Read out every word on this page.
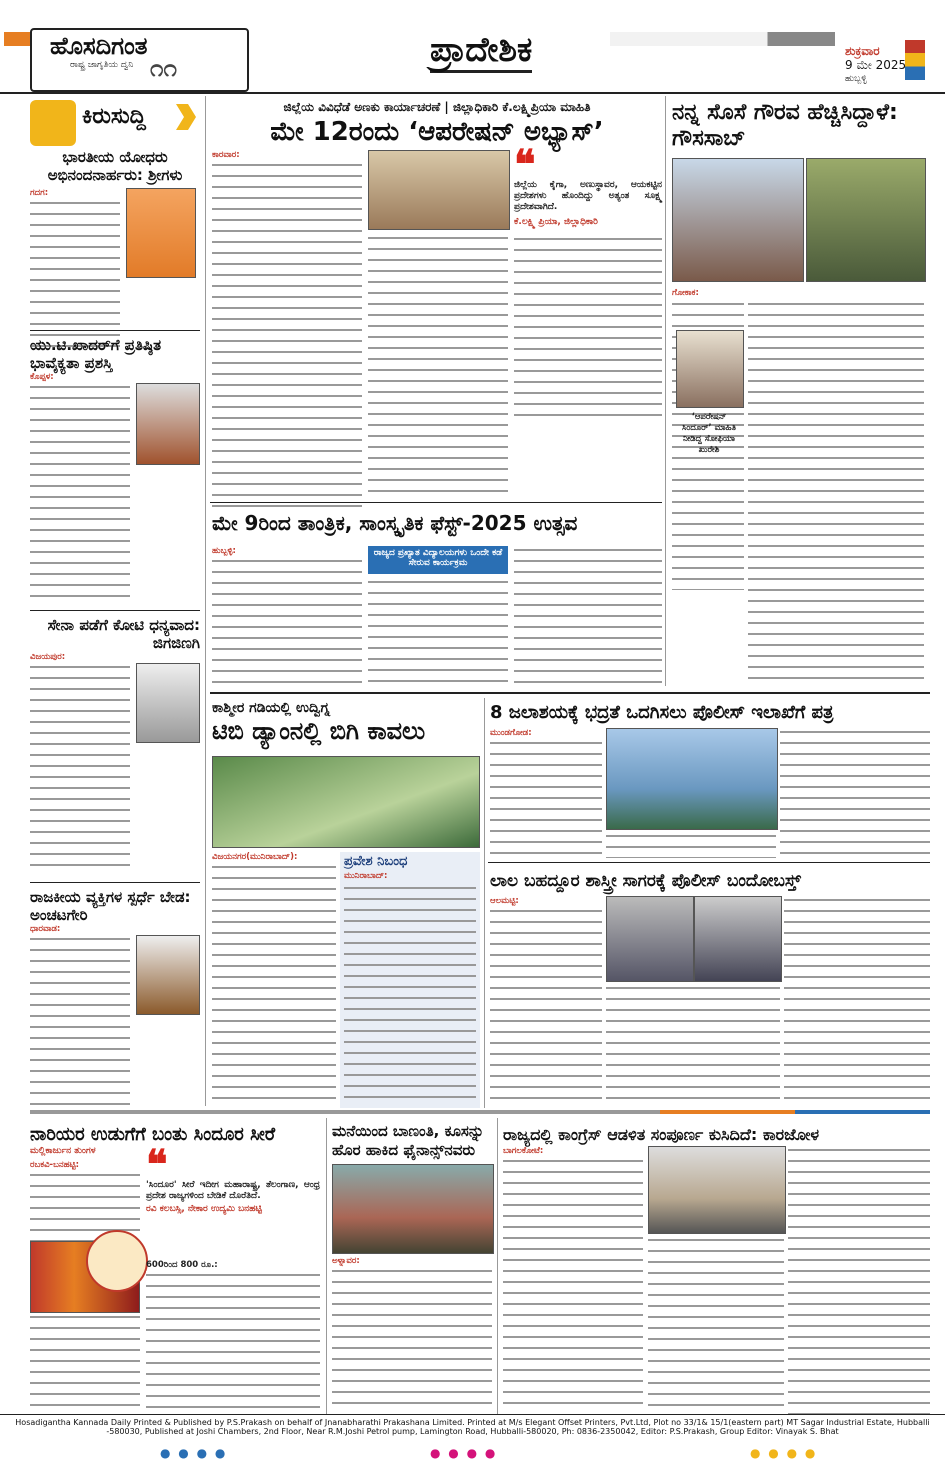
ಹೊಸದಿಗಂತ
ರಾಷ್ಟ್ರ ಜಾಗೃತಿಯ ದ್ವನಿ ೧೧	ಪ್ರಾದೇಶಿಕ	ಶುಕ್ರವಾರ
9 ಮೇ 2025
ಹುಬ್ಬಳ್ಳಿ
ಕಿರುಸುದ್ದಿ
ಭಾರತೀಯ ಯೋಧರು ಅಭಿನಂದನಾರ್ಹರು: ಶ್ರೀಗಳು
ಗದಗ:
ಯು.ಟಿ.ಖಾದರ್‌ಗೆ ಪ್ರತಿಷ್ಠಿತ ಭಾವೈಕ್ಯತಾ ಪ್ರಶಸ್ತಿ
ಕೊಪ್ಪಳ:
ಸೇನಾ ಪಡೆಗೆ ಕೋಟಿ ಧನ್ಯವಾದ: ಜಿಗಜಿಣಗಿ
ವಿಜಯಪುರ:
ರಾಜಕೀಯ ವ್ಯಕ್ತಿಗಳ ಸ್ಪರ್ಧೆ ಬೇಡ: ಅಂಚಟಗೇರಿ
ಧಾರವಾಡ:
ಜಿಲ್ಲೆಯ ವಿವಿಧೆಡೆ ಅಣಕು ಕಾರ್ಯಾಚರಣೆ | ಜಿಲ್ಲಾಧಿಕಾರಿ ಕೆ.ಲಕ್ಷ್ಮಿಪ್ರಿಯಾ ಮಾಹಿತಿ
ಮೇ 12ರಂದು ‘ಆಪರೇಷನ್ ಅಭ್ಯಾಸ್’
ಕಾರವಾರ:	❝
ಜಿಲ್ಲೆಯ ಕೈಗಾ, ಅಣುಸ್ಥಾವರ, ಆಯಕಟ್ಟಿನ ಪ್ರದೇಶಗಳು ಹೊಂದಿದ್ದು ಅತ್ಯಂತ ಸೂಕ್ಷ್ಮ ಪ್ರದೇಶವಾಗಿದೆ.
ಕೆ.ಲಕ್ಷ್ಮಿ ಪ್ರಿಯಾ, ಜಿಲ್ಲಾಧಿಕಾರಿ
ನನ್ನ ಸೊಸೆ ಗೌರವ ಹೆಚ್ಚಿಸಿದ್ದಾಳೆ: ಗೌಸಸಾಬ್
ಗೋಕಾಕ:
‘ಆಪರೇಷನ್ ಸಿಂದೂರ್’ ಮಾಹಿತಿ ನೀಡಿದ್ದ ಸೋಫಿಯಾ ಖುರೇಶಿ
ಮೇ 9ರಿಂದ ತಾಂತ್ರಿಕ, ಸಾಂಸ್ಕೃತಿಕ ಫೆಸ್ಟ್-2025 ಉತ್ಸವ
ಹುಬ್ಬಳ್ಳಿ:	ರಾಜ್ಯದ ಪ್ರಖ್ಯಾತ ವಿದ್ಯಾಲಯಗಳು ಒಂದೇ ಕಡೆ ಸೇರುವ ಕಾರ್ಯಕ್ರಮ
ಕಾಶ್ಮೀರ ಗಡಿಯಲ್ಲಿ ಉದ್ವಿಗ್ನ
ಟಿಬಿ ಡ್ಯಾಂನಲ್ಲಿ ಬಿಗಿ ಕಾವಲು
ವಿಜಯನಗರ(ಮುನಿರಾಬಾದ್):	ಪ್ರವೇಶ ನಿಬಂಧ
ಮುನಿರಾಬಾದ್:
8 ಜಲಾಶಯಕ್ಕೆ ಭದ್ರತೆ ಒದಗಿಸಲು ಪೊಲೀಸ್ ಇಲಾಖೆಗೆ ಪತ್ರ
ಮುಂಡಗೋಡ:
ಲಾಲ ಬಹದ್ದೂರ ಶಾಸ್ತ್ರೀ ಸಾಗರಕ್ಕೆ ಪೊಲೀಸ್ ಬಂದೋಬಸ್ತ್
ಆಲಮಟ್ಟಿ:
ನಾರಿಯರ ಉಡುಗೆಗೆ ಬಂತು ಸಿಂದೂರ ಸೀರೆ
ಮಲ್ಲಿಕಾರ್ಜುನ ತುಂಗಳ
ರಬಕವಿ-ಬನಹಟ್ಟಿ:	❝
'ಸಿಂದೂರ' ಸೀರೆ ಇದೀಗ ಮಹಾರಾಷ್ಟ್ರ, ತೆಲಂಗಾಣ, ಆಂಧ್ರ ಪ್ರದೇಶ ರಾಜ್ಯಗಳಿಂದ ಬೇಡಿಕೆ ದೊರೆತಿದೆ.
ರವಿ ಕಲಬಸ್ಸಿ, ನೇಕಾರ ಉದ್ಯಮಿ ಬನಹಟ್ಟಿ
600ರಿಂದ 800 ರೂ.:
ಮನೆಯಿಂದ ಬಾಣಂತಿ, ಕೂಸನ್ನು ಹೊರ ಹಾಕಿದ ಫೈನಾನ್ಸ್‌ನವರು
ಅಳ್ನಾವರ:
ರಾಜ್ಯದಲ್ಲಿ ಕಾಂಗ್ರೆಸ್ ಆಡಳಿತ ಸಂಪೂರ್ಣ ಕುಸಿದಿದೆ: ಕಾರಜೋಳ
ಬಾಗಲಕೋಟೆ:
Hosadigantha Kannada Daily Printed & Published by P.S.Prakash on behalf of Jnanabharathi Prakashana Limited. Printed at M/s Elegant Offset Printers, Pvt.Ltd, Plot no 33/1& 15/1(eastern part) MT Sagar Industrial Estate, Hubballi -580030, Published at Joshi Chambers, 2nd Floor, Near R.M.Joshi Petrol pump, Lamington Road, Hubballi-580020, Ph: 0836-2350042, Editor: P.S.Prakash, Group Editor: Vinayak S. Bhat
● ● ● ●	● ● ● ●	● ● ● ●
